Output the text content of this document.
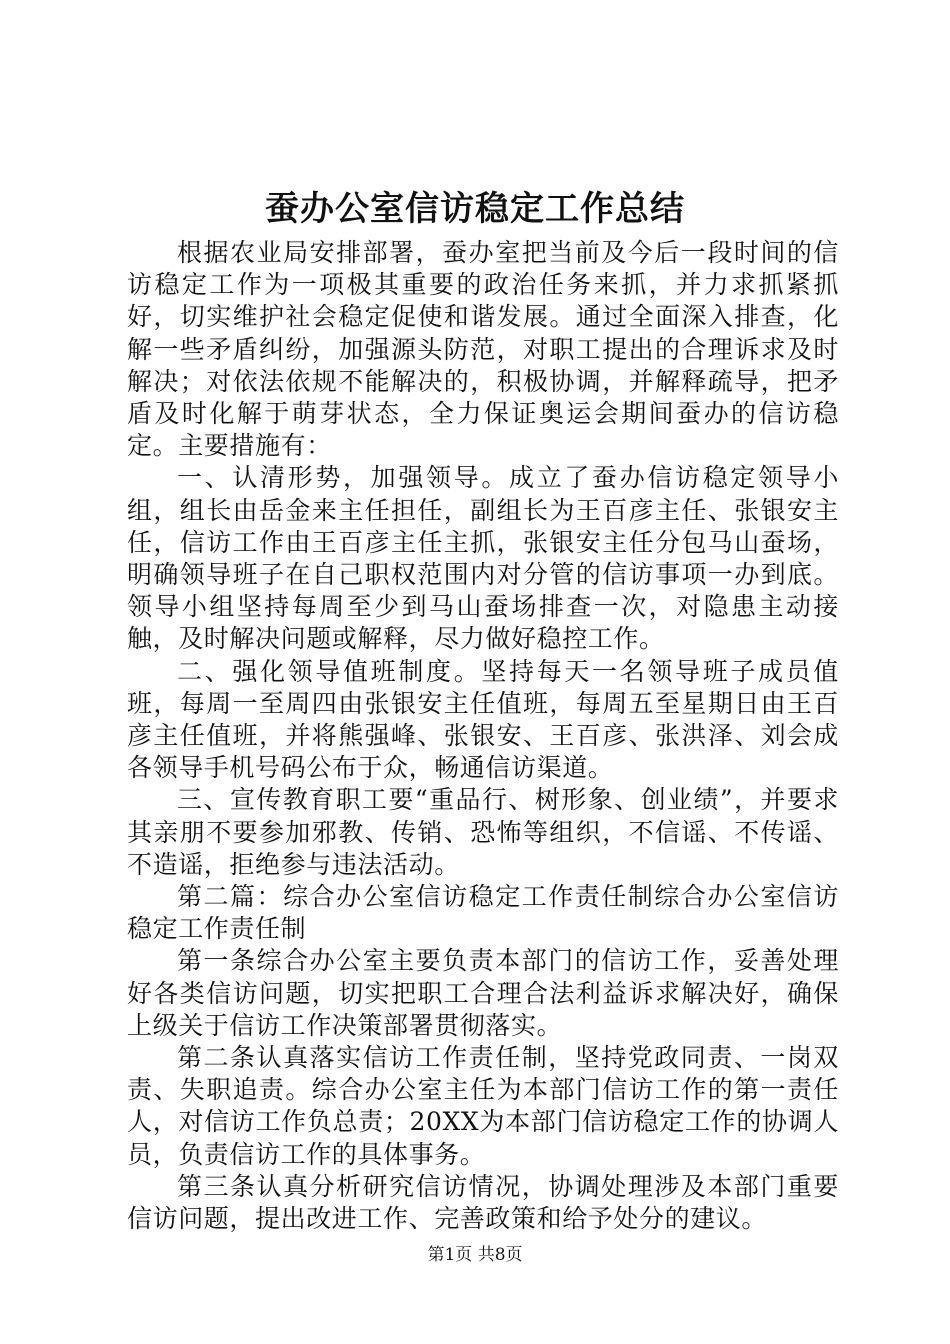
蚕办公室信访稳定工作总结

根据农业局安排部署，蚕办室把当前及今后一段时间的信访稳定工作为一项极其重要的政治任务来抓，并力求抓紧抓好，切实维护社会稳定促使和谐发展。通过全面深入排查，化解一些矛盾纠纷，加强源头防范，对职工提出的合理诉求及时解决；对依法依规不能解决的，积极协调，并解释疏导，把矛盾及时化解于萌芽状态，全力保证奥运会期间蚕办的信访稳定。主要措施有：

一、认清形势，加强领导。成立了蚕办信访稳定领导小组，组长由岳金来主任担任，副组长为王百彦主任、张银安主任，信访工作由王百彦主任主抓，张银安主任分包马山蚕场，明确领导班子在自己职权范围内对分管的信访事项一办到底。领导小组坚持每周至少到马山蚕场排查一次，对隐患主动接触，及时解决问题或解释，尽力做好稳控工作。

二、强化领导值班制度。坚持每天一名领导班子成员值班，每周一至周四由张银安主任值班，每周五至星期日由王百彦主任值班，并将熊强峰、张银安、王百彦、张洪泽、刘会成各领导手机号码公布于众，畅通信访渠道。

三、宣传教育职工要“重品行、树形象、创业绩”，并要求其亲朋不要参加邪教、传销、恐怖等组织，不信谣、不传谣、不造谣，拒绝参与违法活动。

第二篇：综合办公室信访稳定工作责任制综合办公室信访稳定工作责任制

第一条综合办公室主要负责本部门的信访工作，妥善处理好各类信访问题，切实把职工合理合法利益诉求解决好，确保上级关于信访工作决策部署贯彻落实。

第二条认真落实信访工作责任制，坚持党政同责、一岗双责、失职追责。综合办公室主任为本部门信访工作的第一责任人，对信访工作负总责；20XX为本部门信访稳定工作的协调人员，负责信访工作的具体事务。

第三条认真分析研究信访情况，协调处理涉及本部门重要信访问题，提出改进工作、完善政策和给予处分的建议。

第1页 共8页
